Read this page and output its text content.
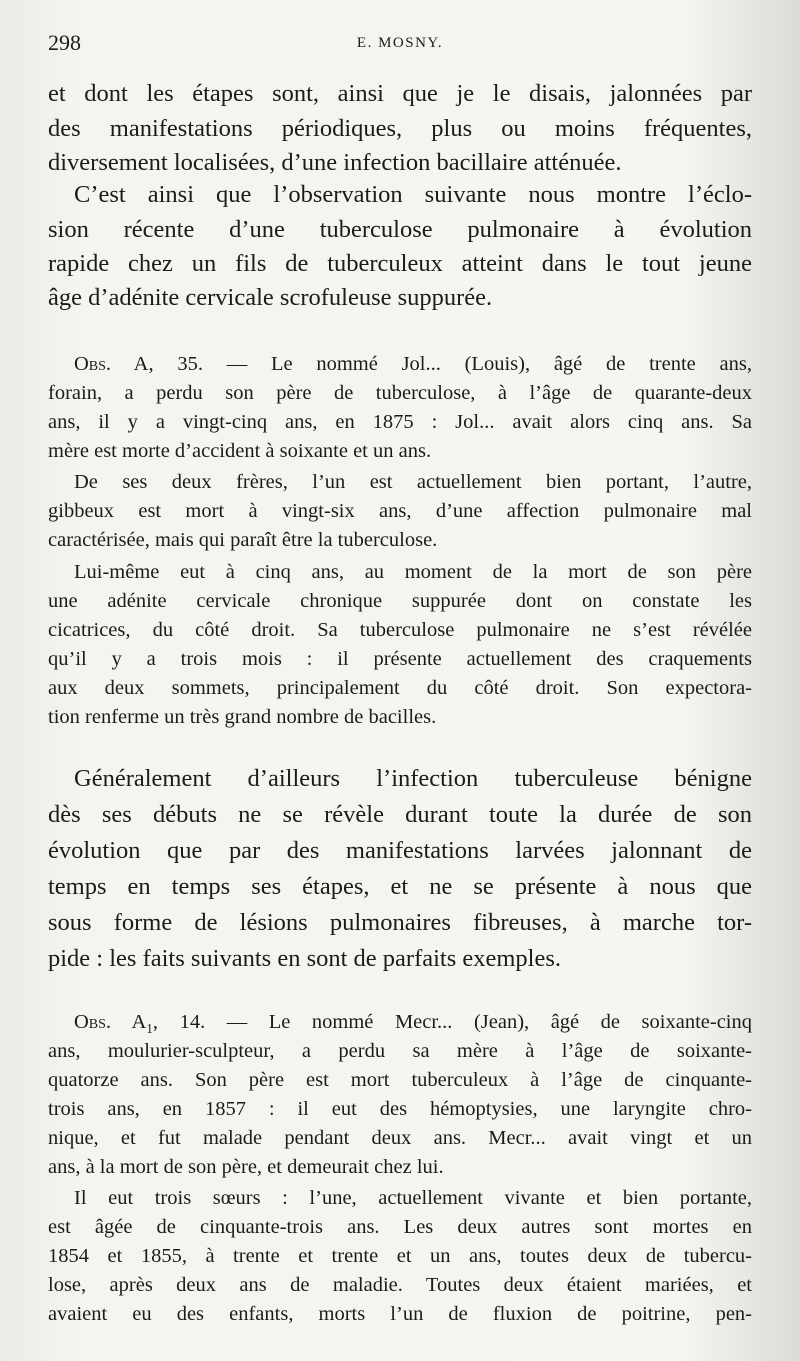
298	E. MOSNY.
et dont les étapes sont, ainsi que je le disais, jalonnées par
des manifestations périodiques, plus ou moins fréquentes,
diversement localisées, d’une infection bacillaire atténuée.
C’est ainsi que l’observation suivante nous montre l’éclo-
sion récente d’une tuberculose pulmonaire à évolution
rapide chez un fils de tuberculeux atteint dans le tout jeune
âge d’adénite cervicale scrofuleuse suppurée.
Obs. A, 35. — Le nommé Jol... (Louis), âgé de trente ans,
forain, a perdu son père de tuberculose, à l’âge de quarante-deux
ans, il y a vingt-cinq ans, en 1875 : Jol... avait alors cinq ans. Sa
mère est morte d’accident à soixante et un ans.
De ses deux frères, l’un est actuellement bien portant, l’autre,
gibbeux est mort à vingt-six ans, d’une affection pulmonaire mal
caractérisée, mais qui paraît être la tuberculose.
Lui-même eut à cinq ans, au moment de la mort de son père
une adénite cervicale chronique suppurée dont on constate les
cicatrices, du côté droit. Sa tuberculose pulmonaire ne s’est révélée
qu’il y a trois mois : il présente actuellement des craquements
aux deux sommets, principalement du côté droit. Son expectora-
tion renferme un très grand nombre de bacilles.
Généralement d’ailleurs l’infection tuberculeuse bénigne
dès ses débuts ne se révèle durant toute la durée de son
évolution que par des manifestations larvées jalonnant de
temps en temps ses étapes, et ne se présente à nous que
sous forme de lésions pulmonaires fibreuses, à marche tor-
pide : les faits suivants en sont de parfaits exemples.
Obs. $A_1$, 14. — Le nommé Mecr... (Jean), âgé de soixante-cinq
ans, moulurier-sculpteur, a perdu sa mère à l’âge de soixante-
quatorze ans. Son père est mort tuberculeux à l’âge de cinquante-
trois ans, en 1857 : il eut des hémoptysies, une laryngite chro-
nique, et fut malade pendant deux ans. Mecr... avait vingt et un
ans, à la mort de son père, et demeurait chez lui.
Il eut trois sœurs : l’une, actuellement vivante et bien portante,
est âgée de cinquante-trois ans. Les deux autres sont mortes en
1854 et 1855, à trente et trente et un ans, toutes deux de tubercu-
lose, après deux ans de maladie. Toutes deux étaient mariées, et
avaient eu des enfants, morts l’un de fluxion de poitrine, pen-
